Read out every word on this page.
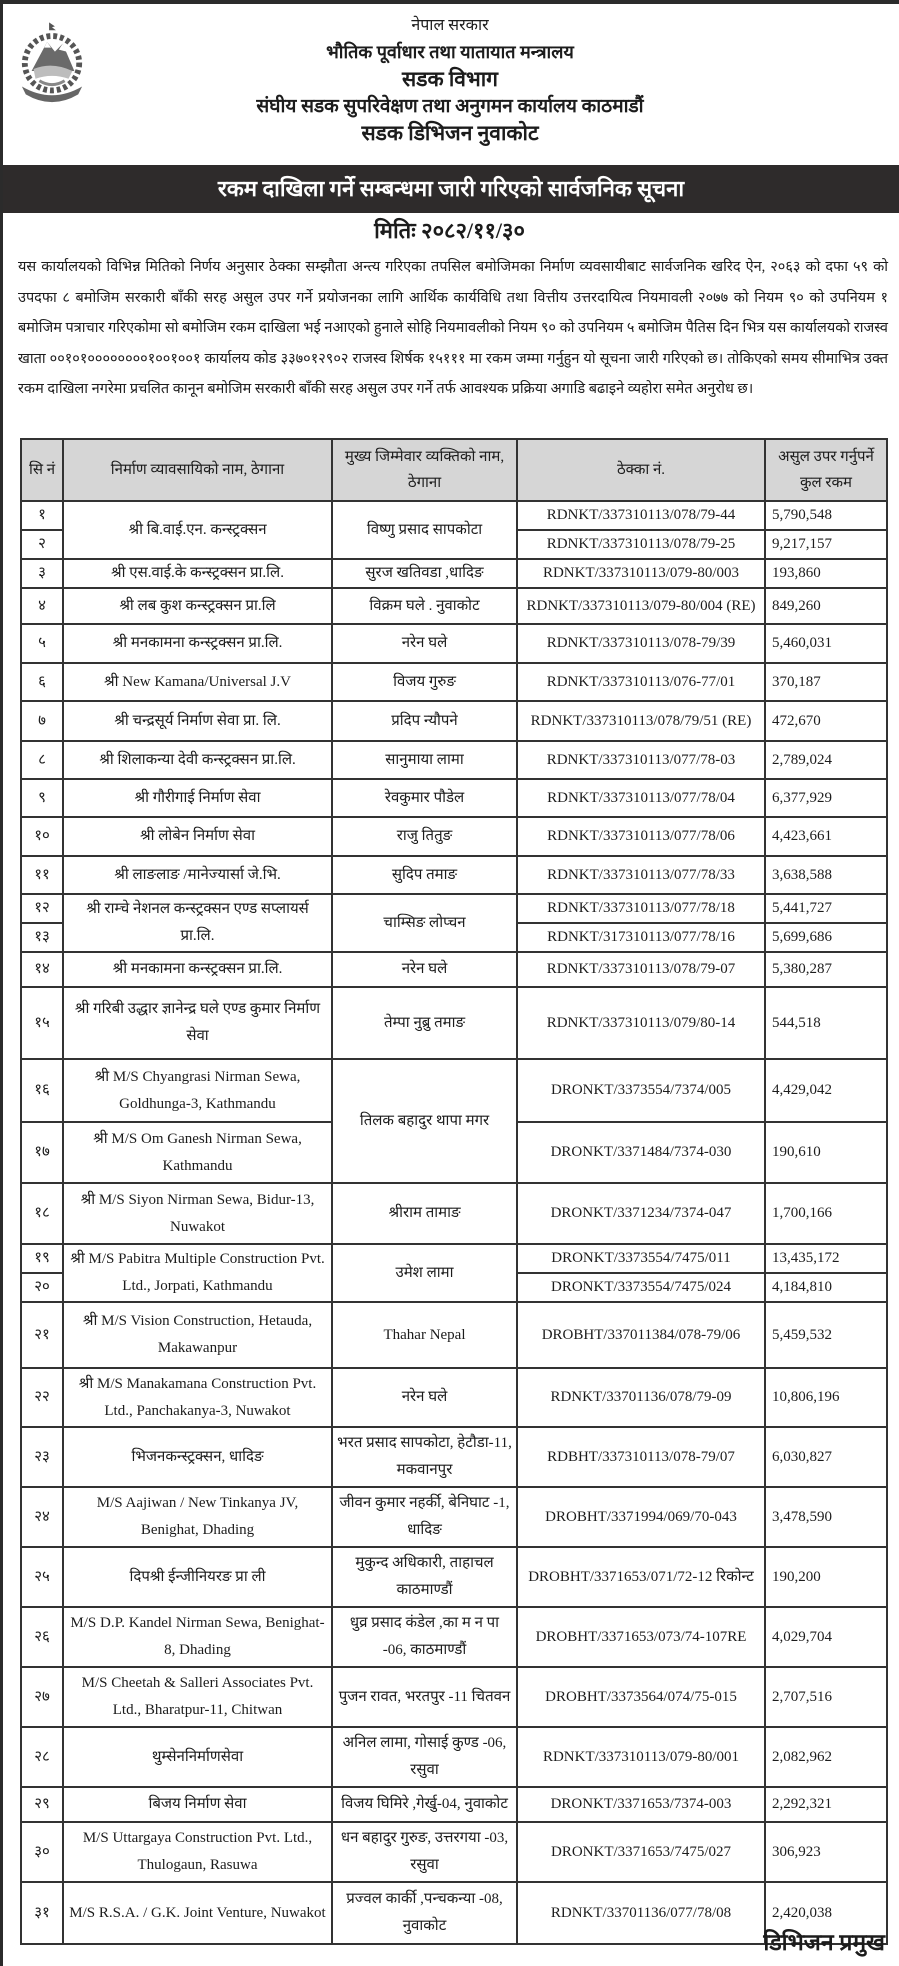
नेपाल सरकार
भौतिक पूर्वाधार तथा यातायात मन्त्रालय
सडक विभाग
संघीय सडक सुपरिवेक्षण तथा अनुगमन कार्यालय काठमाडौं
सडक डिभिजन नुवाकोट
रकम दाखिला गर्ने सम्बन्धमा जारी गरिएको सार्वजनिक सूचना
मितिः २०८२/११/३०
यस कार्यालयको विभिन्न मितिको निर्णय अनुसार ठेक्का सम्झौता अन्त्य गरिएका तपसिल बमोजिमका निर्माण व्यवसायीबाट सार्वजनिक खरिद ऐन, २०६३ को दफा ५९ को उपदफा ८ बमोजिम सरकारी बाँकी सरह असुल उपर गर्ने प्रयोजनका लागि आर्थिक कार्यविधि तथा वित्तीय उत्तरदायित्व नियमावली २०७७ को नियम ९० को उपनियम १ बमोजिम पत्राचार गरिएकोमा सो बमोजिम रकम दाखिला भई नआएको हुनाले सोहि नियमावलीको नियम ९० को उपनियम ५ बमोजिम पैतिस दिन भित्र यस कार्यालयको राजस्व खाता ००१०१००००००००१००१००१ कार्यालय कोड ३३७०१२९०२ राजस्व शिर्षक १५१११ मा रकम जम्मा गर्नुहुन यो सूचना जारी गरिएको छ। तोकिएको समय सीमाभित्र उक्त रकम दाखिला नगरेमा प्रचलित कानून बमोजिम सरकारी बाँकी सरह असुल उपर गर्ने तर्फ आवश्यक प्रक्रिया अगाडि बढाइने व्यहोरा समेत अनुरोध छ।
सि नं	निर्माण व्यावसायिको नाम, ठेगाना	मुख्य जिम्मेवार व्यक्तिको नाम, ठेगाना	ठेक्का नं.	असुल उपर गर्नुपर्ने कुल रकम
१	श्री बि.वाई.एन. कन्स्ट्रक्सन	विष्णु प्रसाद सापकोटा	RDNKT/337310113/078/79-44	5,790,548
२			RDNKT/337310113/078/79-25	9,217,157
३	श्री एस.वाई.के कन्स्ट्रक्सन प्रा.लि.	सुरज खतिवडा ,धादिङ	RDNKT/337310113/079-80/003	193,860
४	श्री लब कुश कन्स्ट्रक्सन प्रा.लि	विक्रम घले . नुवाकोट	RDNKT/337310113/079-80/004 (RE)	849,260
५	श्री मनकामना कन्स्ट्रक्सन प्रा.लि.	नरेन घले	RDNKT/337310113/078-79/39	5,460,031
६	श्री New Kamana/Universal J.V	विजय गुरुङ	RDNKT/337310113/076-77/01	370,187
७	श्री चन्द्रसूर्य निर्माण सेवा प्रा. लि.	प्रदिप न्यौपने	RDNKT/337310113/078/79/51 (RE)	472,670
८	श्री शिलाकन्या देवी कन्स्ट्रक्सन प्रा.लि.	सानुमाया लामा	RDNKT/337310113/077/78-03	2,789,024
९	श्री गौरीगाई निर्माण सेवा	रेवकुमार पौडेल	RDNKT/337310113/077/78/04	6,377,929
१०	श्री लोबेन निर्माण सेवा	राजु तितुङ	RDNKT/337310113/077/78/06	4,423,661
११	श्री लाङलाङ /मानेज्यार्सा जे.भि.	सुदिप तमाङ	RDNKT/337310113/077/78/33	3,638,588
१२	श्री राम्चे नेशनल कन्स्ट्रक्सन एण्ड सप्लायर्स प्रा.लि.	चाम्सिङ लोप्चन	RDNKT/337310113/077/78/18	5,441,727
१३			RDNKT/317310113/077/78/16	5,699,686
१४	श्री मनकामना कन्स्ट्रक्सन प्रा.लि.	नरेन घले	RDNKT/337310113/078/79-07	5,380,287
१५	श्री गरिबी उद्धार ज्ञानेन्द्र घले एण्ड कुमार निर्माण सेवा	तेम्पा नुब्रु तमाङ	RDNKT/337310113/079/80-14	544,518
१६	श्री M/S Chyangrasi Nirman Sewa, Goldhunga-3, Kathmandu	तिलक बहादुर थापा मगर	DRONKT/3373554/7374/005	4,429,042
१७	श्री M/S Om Ganesh Nirman Sewa, Kathmandu		DRONKT/3371484/7374-030	190,610
१८	श्री M/S Siyon Nirman Sewa, Bidur-13, Nuwakot	श्रीराम तामाङ	DRONKT/3371234/7374-047	1,700,166
१९	श्री M/S Pabitra Multiple Construction Pvt. Ltd., Jorpati, Kathmandu	उमेश लामा	DRONKT/3373554/7475/011	13,435,172
२०			DRONKT/3373554/7475/024	4,184,810
२१	श्री M/S Vision Construction, Hetauda, Makawanpur	Thahar Nepal	DROBHT/337011384/078-79/06	5,459,532
२२	श्री M/S Manakamana Construction Pvt. Ltd., Panchakanya-3, Nuwakot	नरेन घले	RDNKT/33701136/078/79-09	10,806,196
२३	भिजनकन्स्ट्रक्सन, धादिङ	भरत प्रसाद सापकोटा, हेटौडा-11, मकवानपुर	RDBHT/337310113/078-79/07	6,030,827
२४	M/S Aajiwan / New Tinkanya JV, Benighat, Dhading	जीवन कुमार नहर्की, बेनिघाट -1, धादिङ	DROBHT/3371994/069/70-043	3,478,590
२५	दिपश्री ईन्जीनियरङ प्रा ली	मुकुन्द अधिकारी, ताहाचल काठमाण्डौं	DROBHT/3371653/071/72-12 रिकोन्ट	190,200
२६	M/S D.P. Kandel Nirman Sewa, Benighat-8, Dhading	धुव्र प्रसाद कंडेल ,का म न पा -06, काठमाण्डौं	DROBHT/3371653/073/74-107RE	4,029,704
२७	M/S Cheetah & Salleri Associates Pvt. Ltd., Bharatpur-11, Chitwan	पुजन रावत, भरतपुर -11 चितवन	DROBHT/3373564/074/75-015	2,707,516
२८	थुम्सेननिर्माणसेवा	अनिल लामा, गोसाई कुण्ड -06, रसुवा	RDNKT/337310113/079-80/001	2,082,962
२९	बिजय निर्माण सेवा	विजय घिमिरे ,गेर्खु-04, नुवाकोट	DRONKT/3371653/7374-003	2,292,321
३०	M/S Uttargaya Construction Pvt. Ltd., Thulogaun, Rasuwa	धन बहादुर गुरुङ, उत्तरगया -03, रसुवा	DRONKT/3371653/7475/027	306,923
३१	M/S R.S.A. / G.K. Joint Venture, Nuwakot	प्रज्वल कार्की ,पन्चकन्या -08, नुवाकोट	RDNKT/33701136/077/78/08	2,420,038
डिभिजन प्रमुख
